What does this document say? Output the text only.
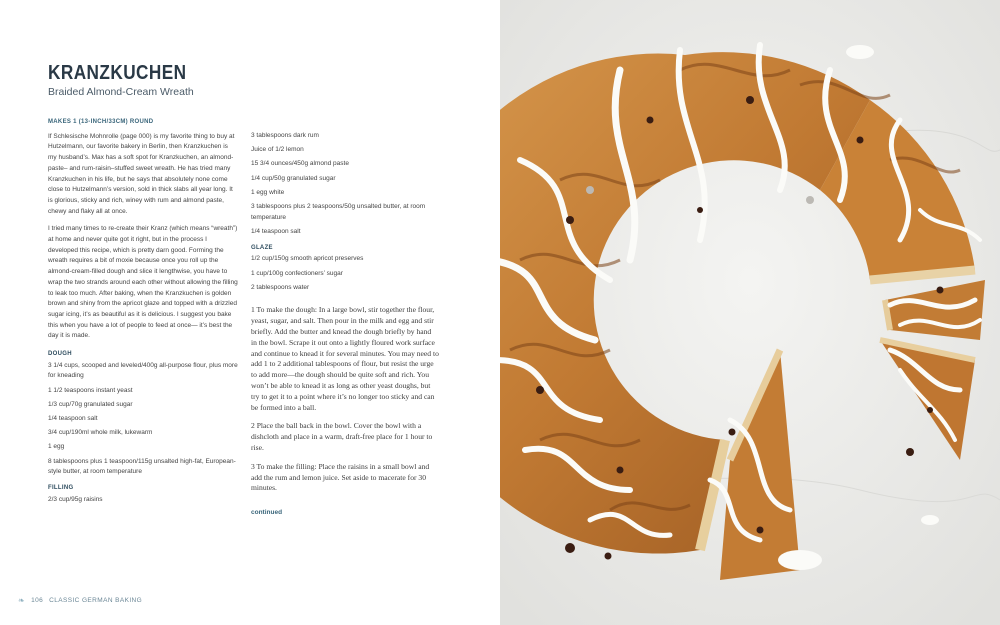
KRANZKUCHEN

Braided Almond-Cream Wreath

MAKES 1 (13-INCH/33CM) ROUND

If Schlesische Mohnrolle (page 000) is my favorite thing to buy at Hutzelmann, our favorite bakery in Berlin, then Kranzkuchen is my husband’s. Max has a soft spot for Kranzkuchen, an almond-paste– and rum-raisin–stuffed sweet wreath. He has tried many Kranzkuchen in his life, but he says that absolutely none come close to Hutzelmann’s version, sold in thick slabs all year long. It is glorious, sticky and rich, winey with rum and almond paste, chewy and flaky all at once.

I tried many times to re-create their Kranz (which means “wreath”) at home and never quite got it right, but in the process I developed this recipe, which is pretty darn good. Forming the wreath requires a bit of moxie because once you roll up the almond-cream-filled dough and slice it lengthwise, you have to wrap the two strands around each other without allowing the filling to leak too much. After baking, when the Kranzkuchen is golden brown and shiny from the apricot glaze and topped with a drizzled sugar icing, it’s as beautiful as it is delicious. I suggest you bake this when you have a lot of people to feed at once— it’s best the day it is made.

DOUGH

3 1/4 cups, scooped and leveled/400g all-purpose flour, plus more for kneading

1 1/2 teaspoons instant yeast

1/3 cup/70g granulated sugar

1/4 teaspoon salt

3/4 cup/190ml whole milk, lukewarm

1 egg

8 tablespoons plus 1 teaspoon/115g unsalted high-fat, European-style butter, at room temperature

FILLING

2/3 cup/95g raisins

3 tablespoons dark rum

Juice of 1/2 lemon

15 3/4 ounces/450g almond paste

1/4 cup/50g granulated sugar

1 egg white

3 tablespoons plus 2 teaspoons/50g unsalted butter, at room temperature

1/4 teaspoon salt

GLAZE

1/2 cup/150g smooth apricot preserves

1 cup/100g confectioners’ sugar

2 tablespoons water

1 To make the dough: In a large bowl, stir together the flour, yeast, sugar, and salt. Then pour in the milk and egg and stir briefly. Add the butter and knead the dough briefly by hand in the bowl. Scrape it out onto a lightly floured work surface and continue to knead it for several minutes. You may need to add 1 to 2 additional tablespoons of flour, but resist the urge to add more—the dough should be quite soft and rich. You won’t be able to knead it as long as other yeast doughs, but try to get it to a point where it’s no longer too sticky and can be formed into a ball.

2 Place the ball back in the bowl. Cover the bowl with a dishcloth and place in a warm, draft-free place for 1 hour to rise.

3 To make the filling: Place the raisins in a small bowl and add the rum and lemon juice. Set aside to macerate for 30 minutes.

continued
❧ 106 CLASSIC GERMAN BAKING
